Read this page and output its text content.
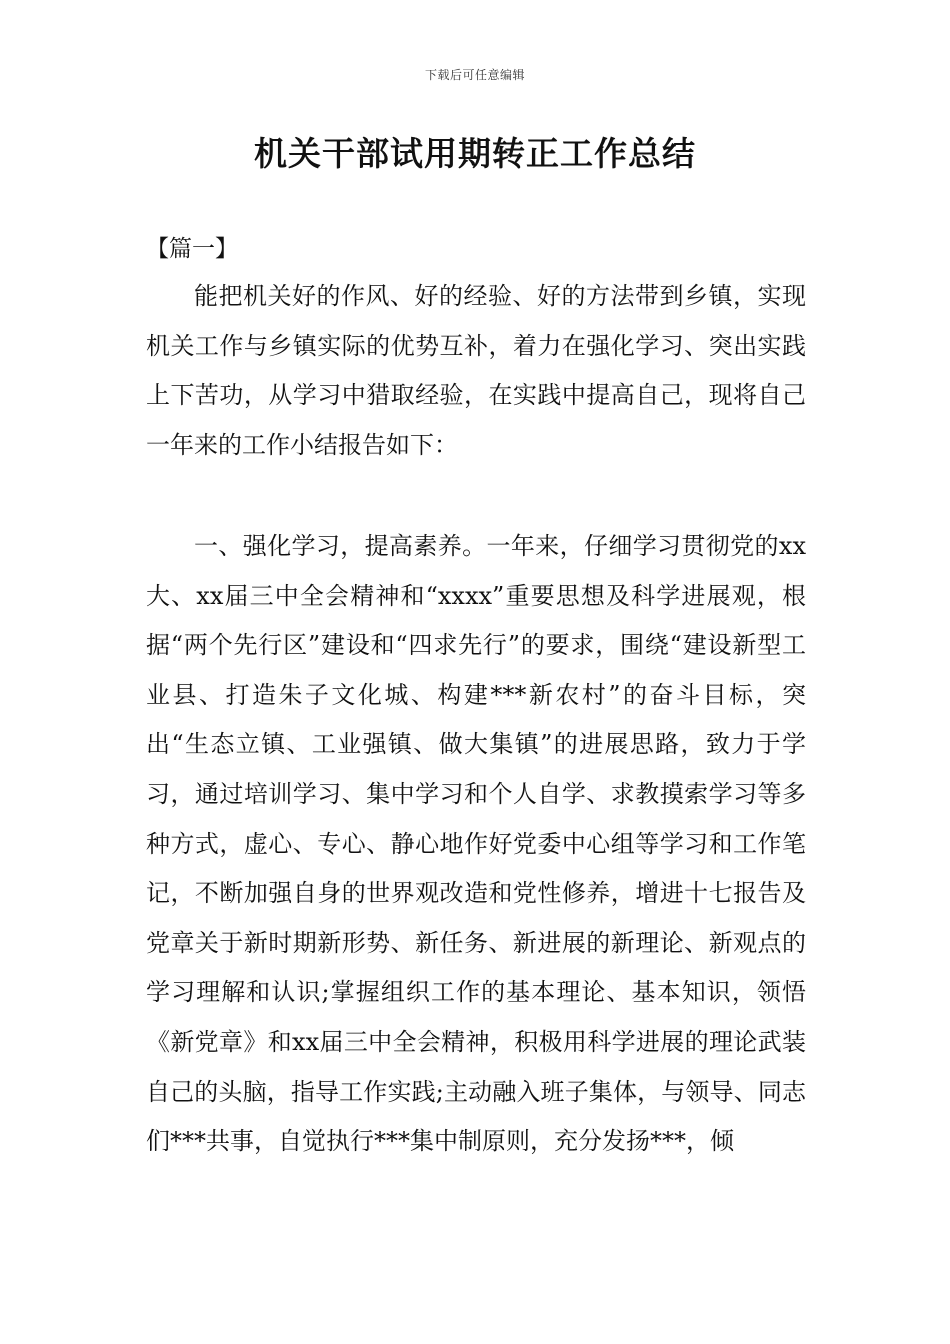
下载后可任意编辑
机关干部试用期转正工作总结
【篇一】

能把机关好的作风、好的经验、好的方法带到乡镇，实现机关工作与乡镇实际的优势互补，着力在强化学习、突出实践上下苦功，从学习中猎取经验，在实践中提高自己，现将自己一年来的工作小结报告如下：

一、强化学习，提高素养。一年来，仔细学习贯彻党的xx大、xx届三中全会精神和“xxxx”重要思想及科学进展观，根据“两个先行区”建设和“四求先行”的要求，围绕“建设新型工业县、打造朱子文化城、构建***新农村”的奋斗目标，突出“生态立镇、工业强镇、做大集镇”的进展思路，致力于学习，通过培训学习、集中学习和个人自学、求教摸索学习等多种方式，虚心、专心、静心地作好党委中心组等学习和工作笔记，不断加强自身的世界观改造和党性修养，增进十七报告及党章关于新时期新形势、新任务、新进展的新理论、新观点的学习理解和认识;掌握组织工作的基本理论、基本知识，领悟《新党章》和xx届三中全会精神，积极用科学进展的理论武装自己的头脑，指导工作实践;主动融入班子集体，与领导、同志们***共事，自觉执行***集中制原则，充分发扬***，倾
